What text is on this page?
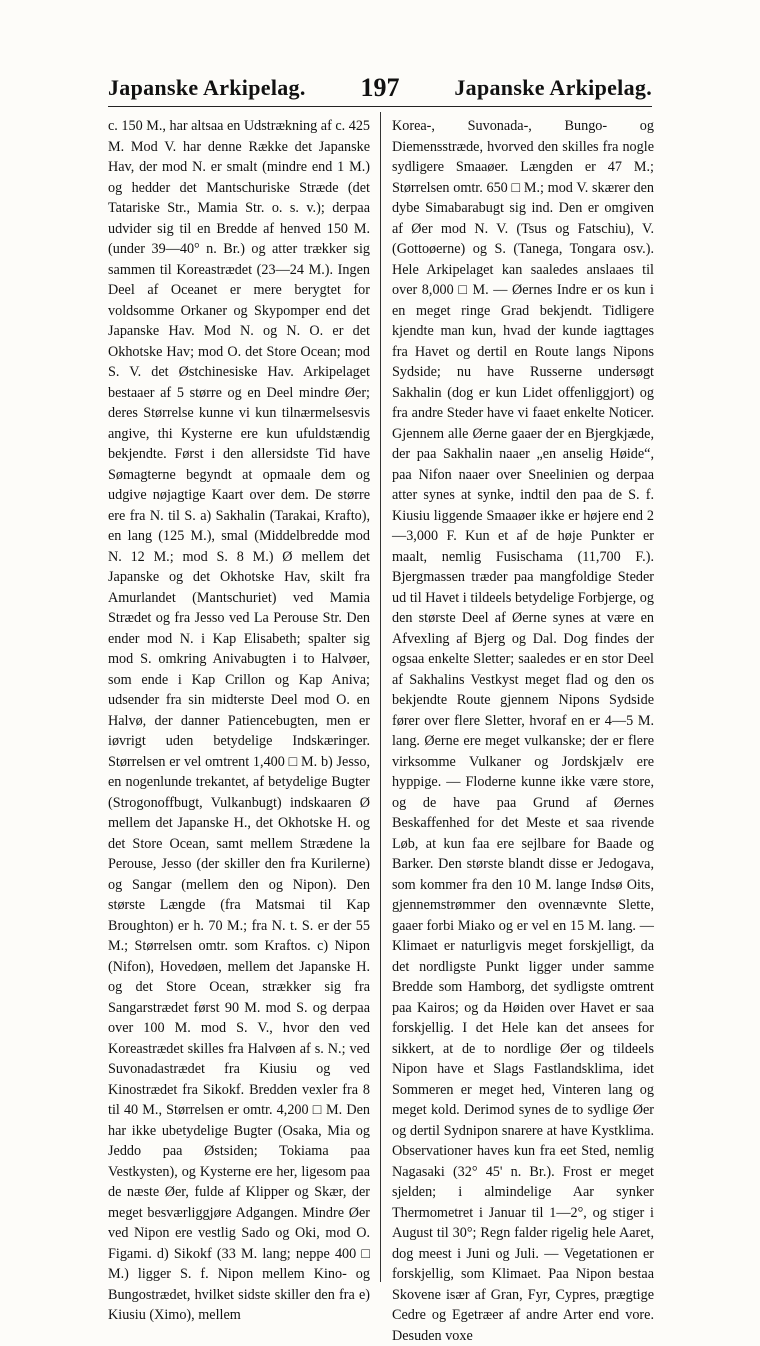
Japanske Arkipelag. 197 Japanske Arkipelag.

c. 150 M., har altsaa en Udstrækning af c. 425 M. Mod V. har denne Række det Japanske Hav, der mod N. er smalt (mindre end 1 M.) og hedder det Mantschuriske Stræde (det Tatariske Str., Mamia Str. o. s. v.); derpaa udvider sig til en Bredde af henved 150 M. (under 39—40° n. Br.) og atter trækker sig sammen til Koreastrædet (23—24 M.). Ingen Deel af Oceanet er mere berygtet for voldsomme Orkaner og Skypomper end det Japanske Hav. Mod N. og N. O. er det Okhotske Hav; mod O. det Store Ocean; mod S. V. det Østchinesiske Hav. Arkipelaget bestaaer af 5 større og en Deel mindre Øer; deres Størrelse kunne vi kun tilnærmelsesvis angive, thi Kysterne ere kun ufuldstændig bekjendte. Først i den allersidste Tid have Sømagterne begyndt at opmaale dem og udgive nøjagtige Kaart over dem. De større ere fra N. til S. a) Sakhalin (Tarakai, Krafto), en lang (125 M.), smal (Middelbredde mod N. 12 M.; mod S. 8 M.) Ø mellem det Japanske og det Okhotske Hav, skilt fra Amurlandet (Mantschuriet) ved Mamia Strædet og fra Jesso ved La Perouse Str. Den ender mod N. i Kap Elisabeth; spalter sig mod S. omkring Anivabugten i to Halvøer, som ende i Kap Crillon og Kap Aniva; udsender fra sin midterste Deel mod O. en Halvø, der danner Patiencebugten, men er iøvrigt uden betydelige Indskæringer. Størrelsen er vel omtrent 1,400 □ M. b) Jesso, en nogenlunde trekantet, af betydelige Bugter (Strogonoffbugt, Vulkanbugt) indskaaren Ø mellem det Japanske H., det Okhotske H. og det Store Ocean, samt mellem Strædene la Perouse, Jesso (der skiller den fra Kurilerne) og Sangar (mellem den og Nipon). Den største Længde (fra Matsmai til Kap Broughton) er h. 70 M.; fra N. t. S. er der 55 M.; Størrelsen omtr. som Kraftos. c) Nipon (Nifon), Hovedøen, mellem det Japanske H. og det Store Ocean, strækker sig fra Sangarstrædet først 90 M. mod S. og derpaa over 100 M. mod S. V., hvor den ved Koreastrædet skilles fra Halvøen af s. N.; ved Suvonadastrædet fra Kiusiu og ved Kinostrædet fra Sikokf. Bredden vexler fra 8 til 40 M., Størrelsen er omtr. 4,200 □ M. Den har ikke ubetydelige Bugter (Osaka, Mia og Jeddo paa Østsiden; Tokiama paa Vestkysten), og Kysterne ere her, ligesom paa de næste Øer, fulde af Klipper og Skær, der meget besværliggjøre Adgangen. Mindre Øer ved Nipon ere vestlig Sado og Oki, mod O. Figami. d) Sikokf (33 M. lang; neppe 400 □ M.) ligger S. f. Nipon mellem Kino- og Bungostrædet, hvilket sidste skiller den fra e) Kiusiu (Ximo), mellem

Korea-, Suvonada-, Bungo- og Diemensstræde, hvorved den skilles fra nogle sydligere Smaaøer. Længden er 47 M.; Størrelsen omtr. 650 □ M.; mod V. skærer den dybe Simabarabugt sig ind. Den er omgiven af Øer mod N. V. (Tsus og Fatschiu), V. (Gottoøerne) og S. (Tanega, Tongara osv.). Hele Arkipelaget kan saaledes anslaaes til over 8,000 □ M. — Øernes Indre er os kun i en meget ringe Grad bekjendt. Tidligere kjendte man kun, hvad der kunde iagttages fra Havet og dertil en Route langs Nipons Sydside; nu have Russerne undersøgt Sakhalin (dog er kun Lidet offenliggjort) og fra andre Steder have vi faaet enkelte Noticer. Gjennem alle Øerne gaaer der en Bjergkjæde, der paa Sakhalin naaer „en anselig Høide“, paa Nifon naaer over Sneelinien og derpaa atter synes at synke, indtil den paa de S. f. Kiusiu liggende Smaaøer ikke er højere end 2—3,000 F. Kun et af de høje Punkter er maalt, nemlig Fusischama (11,700 F.). Bjergmassen træder paa mangfoldige Steder ud til Havet i tildeels betydelige Forbjerge, og den største Deel af Øerne synes at være en Afvexling af Bjerg og Dal. Dog findes der ogsaa enkelte Sletter; saaledes er en stor Deel af Sakhalins Vestkyst meget flad og den os bekjendte Route gjennem Nipons Sydside fører over flere Sletter, hvoraf en er 4—5 M. lang. Øerne ere meget vulkanske; der er flere virksomme Vulkaner og Jordskjælv ere hyppige. — Floderne kunne ikke være store, og de have paa Grund af Øernes Beskaffenhed for det Meste et saa rivende Løb, at kun faa ere sejlbare for Baade og Barker. Den største blandt disse er Jedogava, som kommer fra den 10 M. lange Indsø Oits, gjennemstrømmer den ovennævnte Slette, gaaer forbi Miako og er vel en 15 M. lang. — Klimaet er naturligvis meget forskjelligt, da det nordligste Punkt ligger under samme Bredde som Hamborg, det sydligste omtrent paa Kairos; og da Høiden over Havet er saa forskjellig. I det Hele kan det ansees for sikkert, at de to nordlige Øer og tildeels Nipon have et Slags Fastlandsklima, idet Sommeren er meget hed, Vinteren lang og meget kold. Derimod synes de to sydlige Øer og dertil Sydnipon snarere at have Kystklima. Observationer haves kun fra eet Sted, nemlig Nagasaki (32° 45' n. Br.). Frost er meget sjelden; i almindelige Aar synker Thermometret i Januar til 1—2°, og stiger i August til 30°; Regn falder rigelig hele Aaret, dog meest i Juni og Juli. — Vegetationen er forskjellig, som Klimaet. Paa Nipon bestaa Skovene især af Gran, Fyr, Cypres, prægtige Cedre og Egetræer af andre Arter end vore. Desuden voxe
